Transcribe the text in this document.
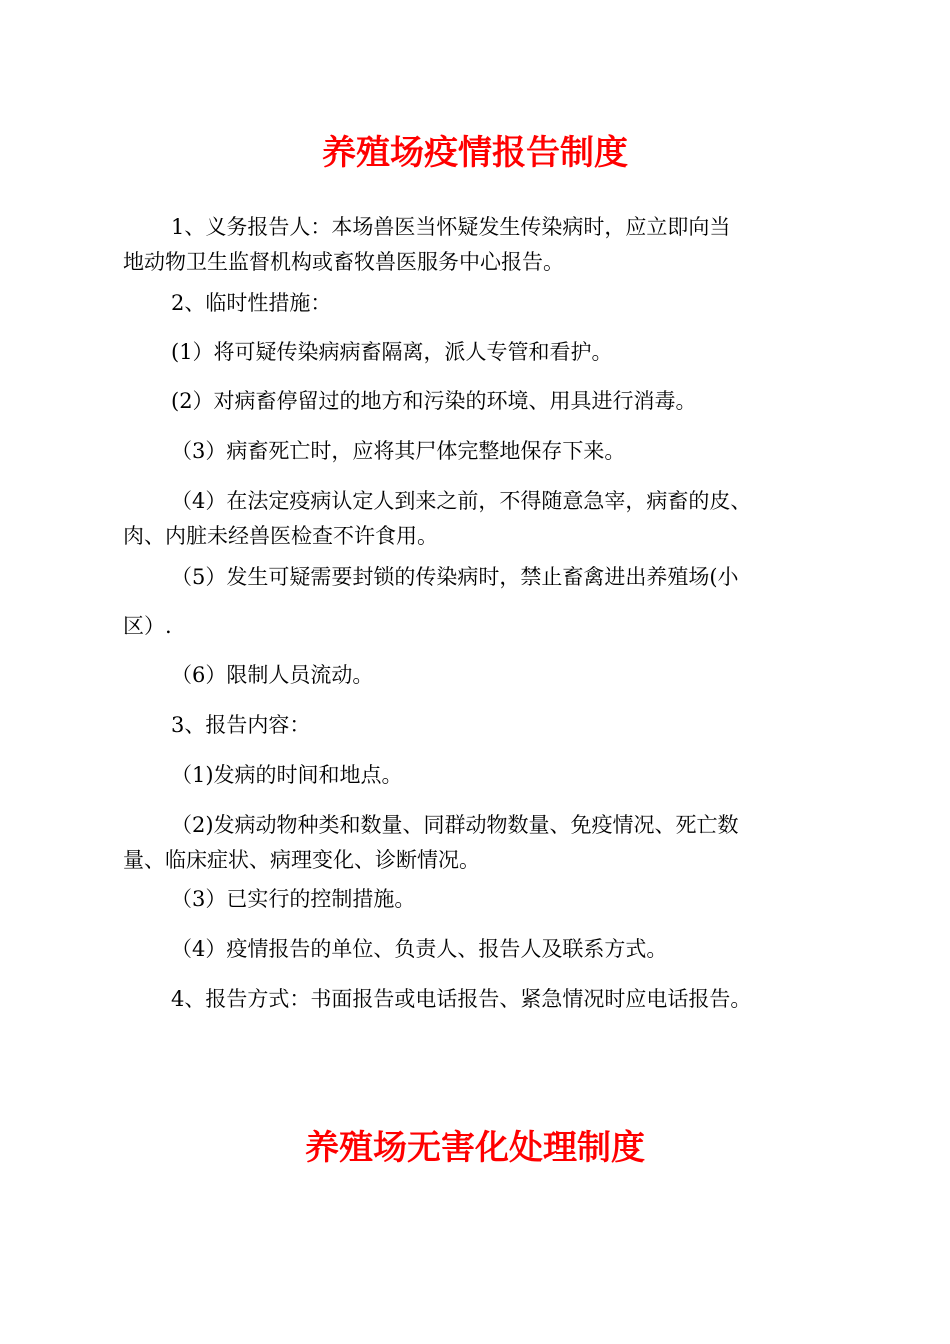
养殖场疫情报告制度
1、义务报告人：本场兽医当怀疑发生传染病时，应立即向当
地动物卫生监督机构或畜牧兽医服务中心报告。
2、临时性措施：
(1）将可疑传染病病畜隔离，派人专管和看护。
(2）对病畜停留过的地方和污染的环境、用具进行消毒。
（3）病畜死亡时，应将其尸体完整地保存下来。
（4）在法定疫病认定人到来之前，不得随意急宰，病畜的皮、
肉、内脏未经兽医检查不许食用。
（5）发生可疑需要封锁的传染病时，禁止畜禽进出养殖场(小
区）.
（6）限制人员流动。
3、报告内容：
（1)发病的时间和地点。
（2)发病动物种类和数量、同群动物数量、免疫情况、死亡数
量、临床症状、病理变化、诊断情况。
（3）已实行的控制措施。
（4）疫情报告的单位、负责人、报告人及联系方式。
4、报告方式：书面报告或电话报告、紧急情况时应电话报告。
养殖场无害化处理制度
